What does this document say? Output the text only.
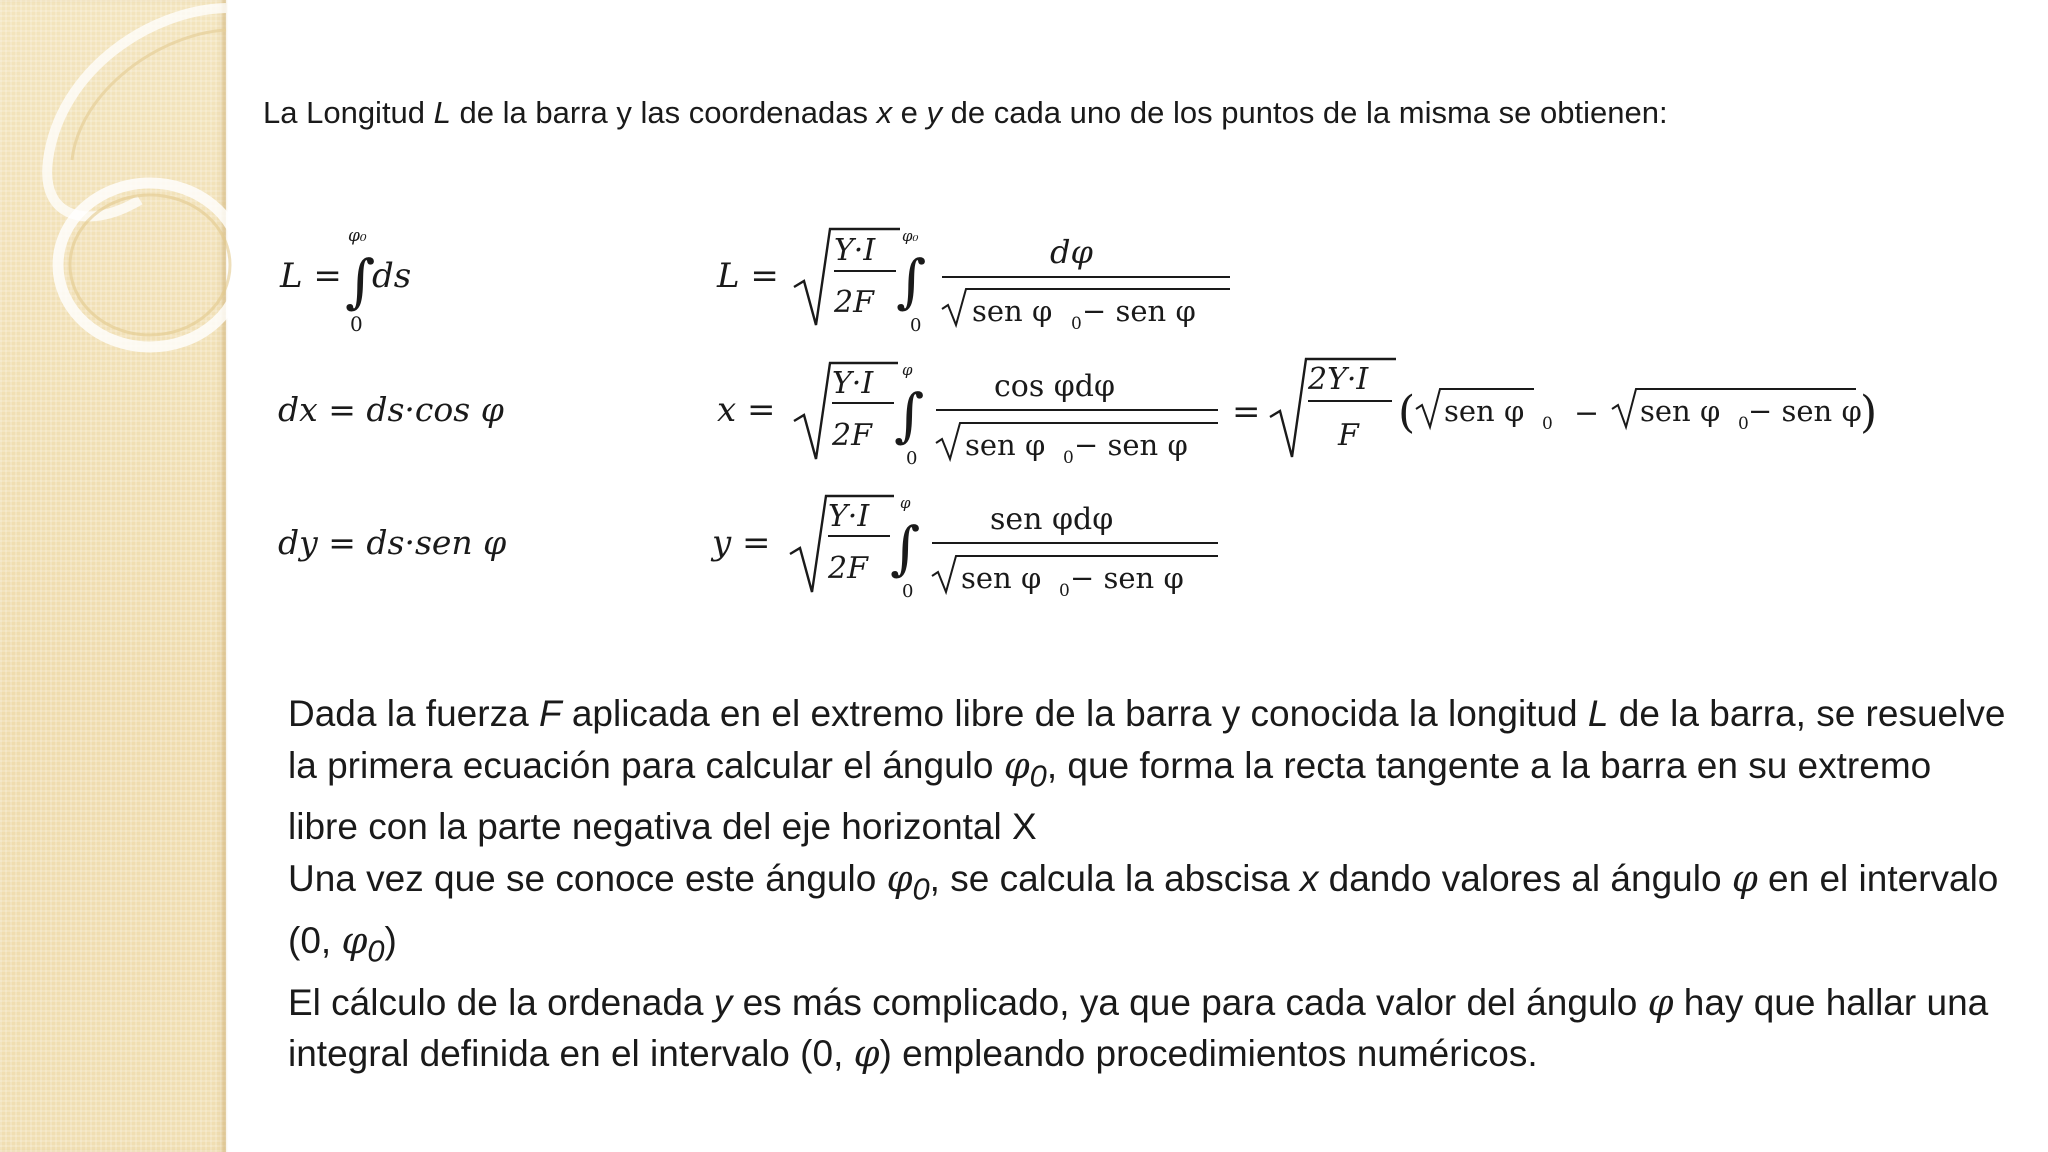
La Longitud L de la barra y las coordenadas x e y de cada uno de los puntos de la misma se obtienen:
L = ∫
φ₀
0
ds
dx = ds·cos φ
dy = ds·sen φ
L =
Y·I
2F ∫
φ₀
0
dφ
sen φ 0 − sen φ
x =
Y·I
2F ∫
φ
0
cos φdφ
sen φ 0 − sen φ
=
2Y·I
F ( sen φ 0 − sen φ 0 − sen φ
)
y =
Y·I
2F ∫
φ
0
sen φdφ
sen φ 0 − sen φ

Dada la fuerza F aplicada en el extremo libre de la barra y conocida la longitud L de la barra, se resuelve la primera ecuación para calcular el ángulo $\varphi_0$, que forma la recta tangente a la barra en su extremo libre con la parte negativa del eje horizontal X

Una vez que se conoce este ángulo $\varphi_0$, se calcula la abscisa x dando valores al ángulo φ en el intervalo (0, $\varphi_0$)

El cálculo de la ordenada y es más complicado, ya que para cada valor del ángulo φ hay que hallar una integral definida en el intervalo (0, φ) empleando procedimientos numéricos.
